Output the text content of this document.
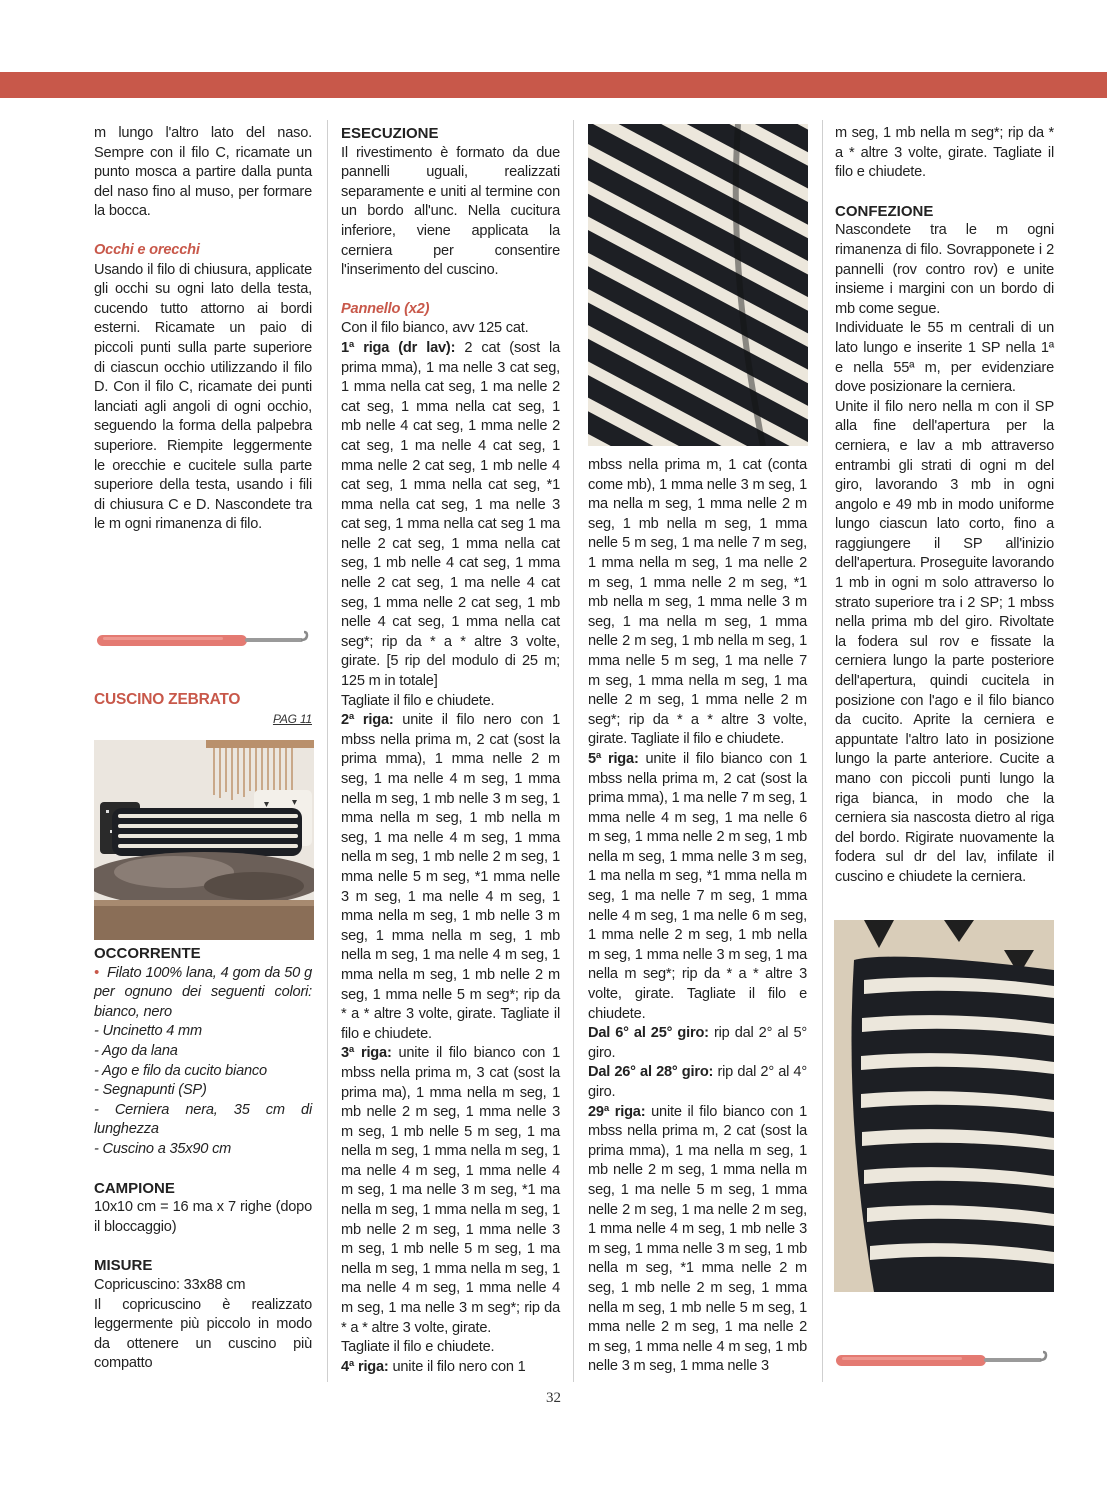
m lungo l'altro lato del naso. Sempre con il filo C, ricamate un punto mosca a partire dalla punta del naso fino al muso, per formare la bocca.

Occhi e orecchi

Usando il filo di chiusura, applicate gli occhi su ogni lato della testa, cucendo tutto attorno ai bordi esterni. Ricamate un paio di piccoli punti sulla parte superiore di ciascun occhio utilizzando il filo D. Con il filo C, ricamate dei punti lanciati agli angoli di ogni occhio, seguendo la forma della palpebra superiore. Riempite leggermente le orecchie e cucitele sulla parte superiore della testa, usando i fili di chiusura C e D. Nascondete tra le m ogni rimanenza di filo.

CUSCINO ZEBRATO

PAG 11

OCCORRENTE

• Filato 100% lana, 4 gom da 50 g per ognuno dei seguenti colori: bianco, nero

- Uncinetto 4 mm

- Ago da lana

- Ago e filo da cucito bianco

- Segnapunti (SP)

- Cerniera nera, 35 cm di lunghezza

- Cuscino a 35x90 cm

CAMPIONE

10x10 cm = 16 ma x 7 righe (dopo il bloccaggio)

MISURE

Copricuscino: 33x88 cm

Il copricuscino è realizzato leggermente più piccolo in modo da ottenere un cuscino più compatto

ESECUZIONE

Il rivestimento è formato da due pannelli uguali, realizzati separamente e uniti al termine con un bordo all'unc. Nella cucitura inferiore, viene applicata la cerniera per consentire l'inserimento del cuscino.

Pannello (x2)

Con il filo bianco, avv 125 cat.

1ª riga (dr lav): 2 cat (sost la prima mma), 1 ma nelle 3 cat seg, 1 mma nella cat seg, 1 ma nelle 2 cat seg, 1 mma nella cat seg, 1 mb nelle 4 cat seg, 1 mma nelle 2 cat seg, 1 ma nelle 4 cat seg, 1 mma nelle 2 cat seg, 1 mb nelle 4 cat seg, 1 mma nella cat seg, *1 mma nella cat seg, 1 ma nelle 3 cat seg, 1 mma nella cat seg 1 ma nelle 2 cat seg, 1 mma nella cat seg, 1 mb nelle 4 cat seg, 1 mma nelle 2 cat seg, 1 ma nelle 4 cat seg, 1 mma nelle 2 cat seg, 1 mb nelle 4 cat seg, 1 mma nella cat seg*; rip da * a * altre 3 volte, girate. [5 rip del modulo di 25 m; 125 m in totale]

Tagliate il filo e chiudete.

2ª riga: unite il filo nero con 1 mbss nella prima m, 2 cat (sost la prima mma), 1 mma nelle 2 m seg, 1 ma nelle 4 m seg, 1 mma nella m seg, 1 mb nelle 3 m seg, 1 mma nella m seg, 1 mb nella m seg, 1 ma nelle 4 m seg, 1 mma nella m seg, 1 mb nelle 2 m seg, 1 mma nelle 5 m seg, *1 mma nelle 3 m seg, 1 ma nelle 4 m seg, 1 mma nella m seg, 1 mb nelle 3 m seg, 1 mma nella m seg, 1 mb nella m seg, 1 ma nelle 4 m seg, 1 mma nella m seg, 1 mb nelle 2 m seg, 1 mma nelle 5 m seg*; rip da * a * altre 3 volte, girate. Tagliate il filo e chiudete.

3ª riga: unite il filo bianco con 1 mbss nella prima m, 3 cat (sost la prima ma), 1 mma nella m seg, 1 mb nelle 2 m seg, 1 mma nelle 3 m seg, 1 mb nelle 5 m seg, 1 ma nella m seg, 1 mma nella m seg, 1 ma nelle 4 m seg, 1 mma nelle 4 m seg, 1 ma nelle 3 m seg, *1 ma nella m seg, 1 mma nella m seg, 1 mb nelle 2 m seg, 1 mma nelle 3 m seg, 1 mb nelle 5 m seg, 1 ma nella m seg, 1 mma nella m seg, 1 ma nelle 4 m seg, 1 mma nelle 4 m seg, 1 ma nelle 3 m seg*; rip da * a * altre 3 volte, girate.

Tagliate il filo e chiudete.

4ª riga: unite il filo nero con 1

mbss nella prima m, 1 cat (conta come mb), 1 mma nelle 3 m seg, 1 ma nella m seg, 1 mma nelle 2 m seg, 1 mb nella m seg, 1 mma nelle 5 m seg, 1 ma nelle 7 m seg, 1 mma nella m seg, 1 ma nelle 2 m seg, 1 mma nelle 2 m seg, *1 mb nella m seg, 1 mma nelle 3 m seg, 1 ma nella m seg, 1 mma nelle 2 m seg, 1 mb nella m seg, 1 mma nelle 5 m seg, 1 ma nelle 7 m seg, 1 mma nella m seg, 1 ma nelle 2 m seg, 1 mma nelle 2 m seg*; rip da * a * altre 3 volte, girate. Tagliate il filo e chiudete.

5ª riga: unite il filo bianco con 1 mbss nella prima m, 2 cat (sost la prima mma), 1 ma nelle 7 m seg, 1 mma nelle 4 m seg, 1 ma nelle 6 m seg, 1 mma nelle 2 m seg, 1 mb nella m seg, 1 mma nelle 3 m seg, 1 ma nella m seg, *1 mma nella m seg, 1 ma nelle 7 m seg, 1 mma nelle 4 m seg, 1 ma nelle 6 m seg, 1 mma nelle 2 m seg, 1 mb nella m seg, 1 mma nelle 3 m seg, 1 ma nella m seg*; rip da * a * altre 3 volte, girate. Tagliate il filo e chiudete.

Dal 6° al 25° giro: rip dal 2° al 5° giro.

Dal 26° al 28° giro: rip dal 2° al 4° giro.

29ª riga: unite il filo bianco con 1 mbss nella prima m, 2 cat (sost la prima mma), 1 ma nella m seg, 1 mb nelle 2 m seg, 1 mma nella m seg, 1 ma nelle 5 m seg, 1 mma nelle 2 m seg, 1 ma nelle 2 m seg, 1 mma nelle 4 m seg, 1 mb nelle 3 m seg, 1 mma nelle 3 m seg, 1 mb nella m seg, *1 mma nelle 2 m seg, 1 mb nelle 2 m seg, 1 mma nella m seg, 1 mb nelle 5 m seg, 1 mma nelle 2 m seg, 1 ma nelle 2 m seg, 1 mma nelle 4 m seg, 1 mb nelle 3 m seg, 1 mma nelle 3

m seg, 1 mb nella m seg*; rip da * a * altre 3 volte, girate. Tagliate il filo e chiudete.

CONFEZIONE

Nascondete tra le m ogni rimanenza di filo. Sovrapponete i 2 pannelli (rov contro rov) e unite insieme i margini con un bordo di mb come segue.

Individuate le 55 m centrali di un lato lungo e inserite 1 SP nella 1ª e nella 55ª m, per evidenziare dove posizionare la cerniera.

Unite il filo nero nella m con il SP alla fine dell'apertura per la cerniera, e lav a mb attraverso entrambi gli strati di ogni m del giro, lavorando 3 mb in ogni angolo e 49 mb in modo uniforme lungo ciascun lato corto, fino a raggiungere il SP all'inizio dell'apertura. Proseguite lavorando 1 mb in ogni m solo attraverso lo strato superiore tra i 2 SP; 1 mbss nella prima mb del giro. Rivoltate la fodera sul rov e fissate la cerniera lungo la parte posteriore dell'apertura, quindi cucitela in posizione con l'ago e il filo bianco da cucito. Aprite la cerniera e appuntate l'altro lato in posizione lungo la parte anteriore. Cucite a mano con piccoli punti lungo la riga bianca, in modo che la cerniera sia nascosta dietro al riga del bordo. Rigirate nuovamente la fodera sul dr del lav, infilate il cuscino e chiudete la cerniera.

32
